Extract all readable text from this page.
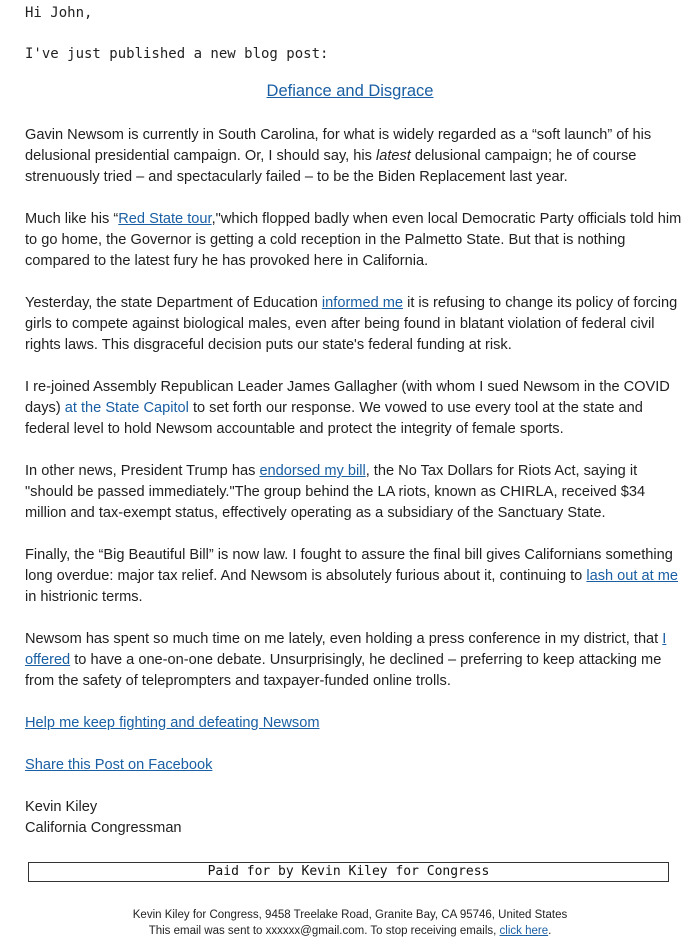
Hi John,
I've just published a new blog post:
Defiance and Disgrace

Gavin Newsom is currently in South Carolina, for what is widely regarded as a “soft launch” of his delusional presidential campaign. Or, I should say, his latest delusional campaign; he of course strenuously tried – and spectacularly failed – to be the Biden Replacement last year.

Much like his “Red State tour,"which flopped badly when even local Democratic Party officials told him to go home, the Governor is getting a cold reception in the Palmetto State. But that is nothing compared to the latest fury he has provoked here in California.

Yesterday, the state Department of Education informed me it is refusing to change its policy of forcing girls to compete against biological males, even after being found in blatant violation of federal civil rights laws. This disgraceful decision puts our state's federal funding at risk.

I re-joined Assembly Republican Leader James Gallagher (with whom I sued Newsom in the COVID days) at the State Capitol to set forth our response. We vowed to use every tool at the state and federal level to hold Newsom accountable and protect the integrity of female sports.

In other news, President Trump has endorsed my bill, the No Tax Dollars for Riots Act, saying it "should be passed immediately."The group behind the LA riots, known as CHIRLA, received $34 million and tax-exempt status, effectively operating as a subsidiary of the Sanctuary State.

Finally, the “Big Beautiful Bill” is now law. I fought to assure the final bill gives Californians something long overdue: major tax relief. And Newsom is absolutely furious about it, continuing to lash out at me in histrionic terms.

Newsom has spent so much time on me lately, even holding a press conference in my district, that I offered to have a one-on-one debate. Unsurprisingly, he declined – preferring to keep attacking me from the safety of teleprompters and taxpayer-funded online trolls.

Help me keep fighting and defeating Newsom

Share this Post on Facebook

Kevin Kiley
California Congressman
Paid for by Kevin Kiley for Congress
Kevin Kiley for Congress, 9458 Treelake Road, Granite Bay, CA 95746, United States
This email was sent to xxxxxx@gmail.com. To stop receiving emails, click here.
